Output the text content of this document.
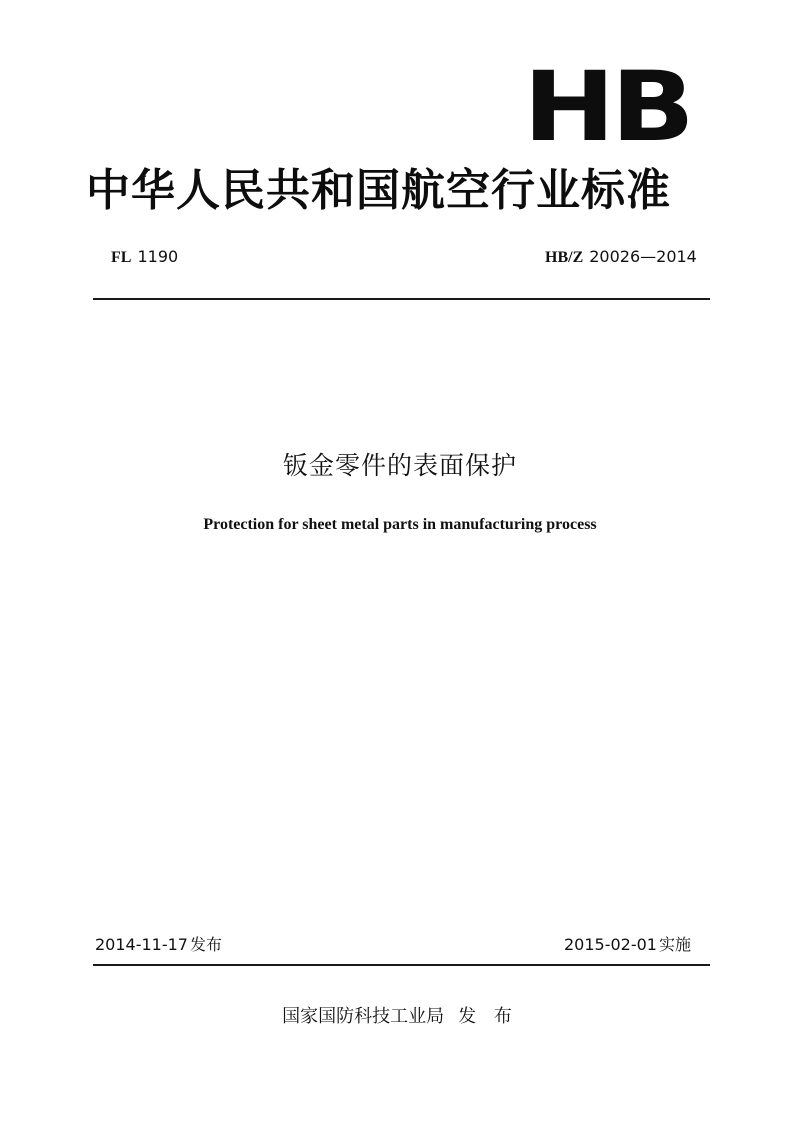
HB
中华人民共和国航空行业标准
FL 1190	HB/Z 20026—2014
钣金零件的表面保护
Protection for sheet metal parts in manufacturing process
2014-11-17 发布	2015-02-01 实施
国家国防科技工业局 发 布
